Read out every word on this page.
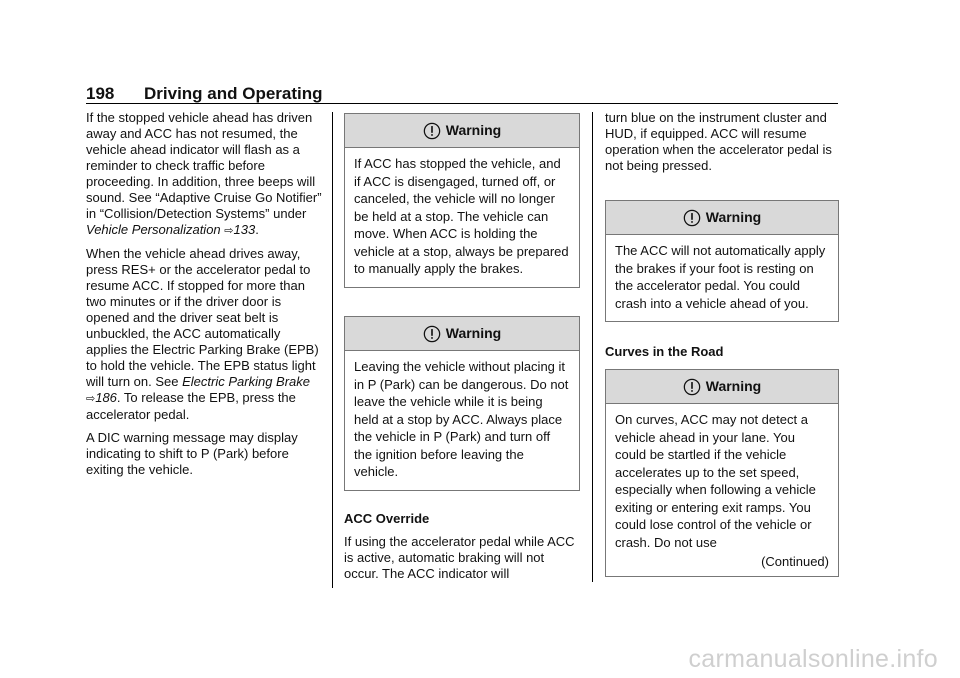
198 Driving and Operating

If the stopped vehicle ahead has driven away and ACC has not resumed, the vehicle ahead indicator will flash as a reminder to check traffic before proceeding. In addition, three beeps will sound. See “Adaptive Cruise Go Notifier” in “Collision/Detection Systems” under Vehicle Personalization ⇨133.

When the vehicle ahead drives away, press RES+ or the accelerator pedal to resume ACC. If stopped for more than two minutes or if the driver door is opened and the driver seat belt is unbuckled, the ACC automatically applies the Electric Parking Brake (EPB) to hold the vehicle. The EPB status light will turn on. See Electric Parking Brake ⇨186. To release the EPB, press the accelerator pedal.

A DIC warning message may display indicating to shift to P (Park) before exiting the vehicle.

Warning
If ACC has stopped the vehicle, and if ACC is disengaged, turned off, or canceled, the vehicle will no longer be held at a stop. The vehicle can move. When ACC is holding the vehicle at a stop, always be prepared to manually apply the brakes.
Warning
Leaving the vehicle without placing it in P (Park) can be dangerous. Do not leave the vehicle while it is being held at a stop by ACC. Always place the vehicle in P (Park) and turn off the ignition before leaving the vehicle.

ACC Override

If using the accelerator pedal while ACC is active, automatic braking will not occur. The ACC indicator will

turn blue on the instrument cluster and HUD, if equipped. ACC will resume operation when the accelerator pedal is not being pressed.

Warning
The ACC will not automatically apply the brakes if your foot is resting on the accelerator pedal. You could crash into a vehicle ahead of you.

Curves in the Road

Warning
On curves, ACC may not detect a vehicle ahead in your lane. You could be startled if the vehicle accelerates up to the set speed, especially when following a vehicle exiting or entering exit ramps. You could lose control of the vehicle or crash. Do not use
(Continued)
carmanualsonline.info
